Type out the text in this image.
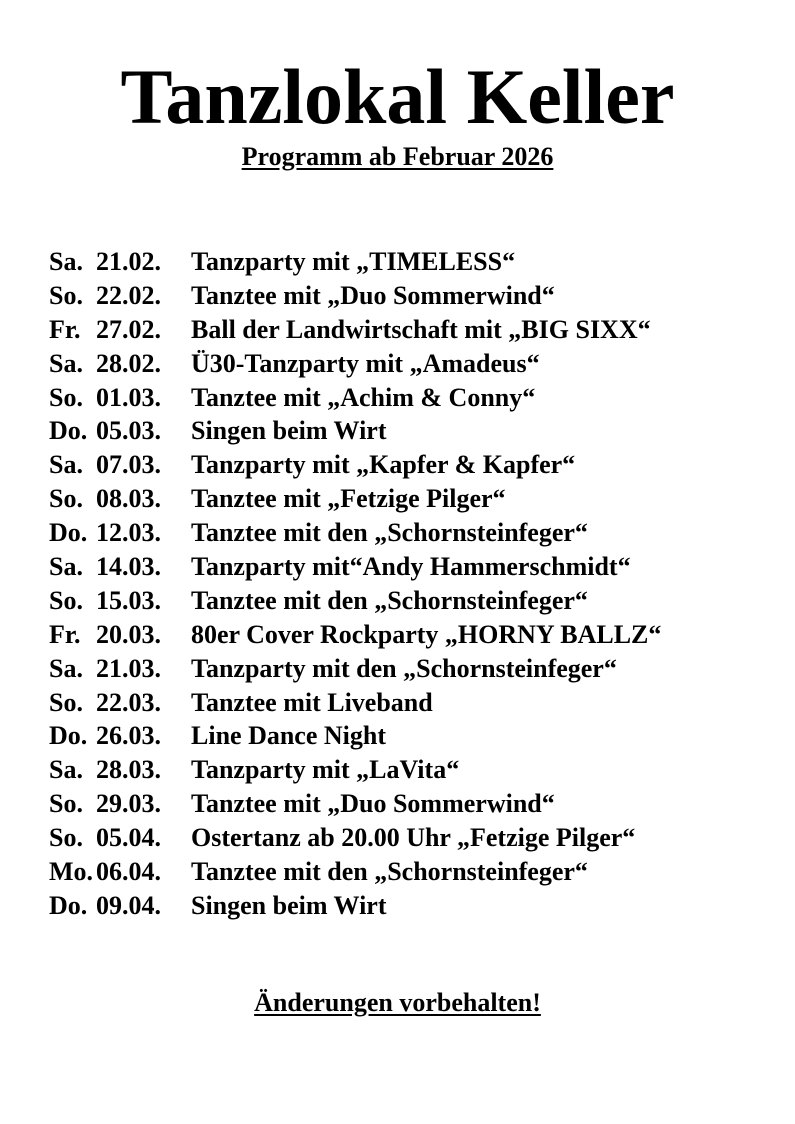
Tanzlokal Keller
Programm ab Februar 2026
Sa. 21.02.	Tanzparty mit „TIMELESS“
So. 22.02.	Tanztee mit „Duo Sommerwind“
Fr. 27.02.	Ball der Landwirtschaft mit „BIG SIXX“
Sa. 28.02.	Ü30-Tanzparty mit „Amadeus“
So. 01.03.	Tanztee mit „Achim & Conny“
Do. 05.03.	Singen beim Wirt
Sa. 07.03.	Tanzparty mit „Kapfer & Kapfer“
So. 08.03.	Tanztee mit „Fetzige Pilger“
Do. 12.03.	Tanztee mit den „Schornsteinfeger“
Sa. 14.03.	Tanzparty mit“Andy Hammerschmidt“
So. 15.03.	Tanztee mit den „Schornsteinfeger“
Fr. 20.03.	80er Cover Rockparty „HORNY BALLZ“
Sa. 21.03.	Tanzparty mit den „Schornsteinfeger“
So. 22.03.	Tanztee mit Liveband
Do. 26.03.	Line Dance Night
Sa. 28.03.	Tanzparty mit „LaVita“
So. 29.03.	Tanztee mit „Duo Sommerwind“
So. 05.04.	Ostertanz ab 20.00 Uhr „Fetzige Pilger“
Mo. 06.04.	Tanztee mit den „Schornsteinfeger“
Do. 09.04.	Singen beim Wirt

Änderungen vorbehalten!
